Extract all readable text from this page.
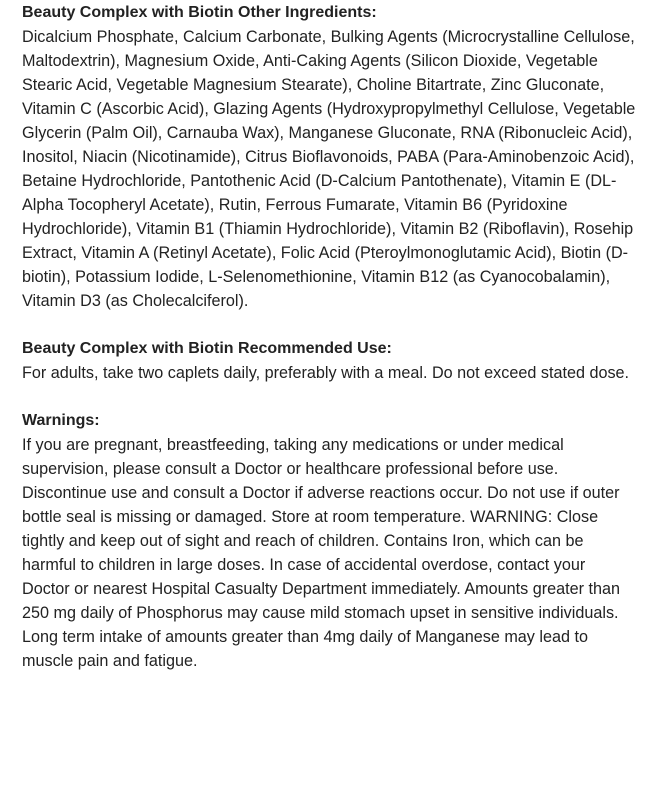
Beauty Complex with Biotin Other Ingredients:

Dicalcium Phosphate, Calcium Carbonate, Bulking Agents (Microcrystalline Cellulose, Maltodextrin), Magnesium Oxide, Anti-Caking Agents (Silicon Dioxide, Vegetable Stearic Acid, Vegetable Magnesium Stearate), Choline Bitartrate, Zinc Gluconate, Vitamin C (Ascorbic Acid), Glazing Agents (Hydroxypropylmethyl Cellulose, Vegetable Glycerin (Palm Oil), Carnauba Wax), Manganese Gluconate, RNA (Ribonucleic Acid), Inositol, Niacin (Nicotinamide), Citrus Bioflavonoids, PABA (Para-Aminobenzoic Acid), Betaine Hydrochloride, Pantothenic Acid (D-Calcium Pantothenate), Vitamin E (DL-Alpha Tocopheryl Acetate), Rutin, Ferrous Fumarate, Vitamin B6 (Pyridoxine Hydrochloride), Vitamin B1 (Thiamin Hydrochloride), Vitamin B2 (Riboflavin), Rosehip Extract, Vitamin A (Retinyl Acetate), Folic Acid (Pteroylmonoglutamic Acid), Biotin (D-biotin), Potassium Iodide, L-Selenomethionine, Vitamin B12 (as Cyanocobalamin), Vitamin D3 (as Cholecalciferol).

Beauty Complex with Biotin Recommended Use:

For adults, take two caplets daily, preferably with a meal. Do not exceed stated dose.

Warnings:

If you are pregnant, breastfeeding, taking any medications or under medical supervision, please consult a Doctor or healthcare professional before use. Discontinue use and consult a Doctor if adverse reactions occur. Do not use if outer bottle seal is missing or damaged. Store at room temperature. WARNING: Close tightly and keep out of sight and reach of children. Contains Iron, which can be harmful to children in large doses. In case of accidental overdose, contact your Doctor or nearest Hospital Casualty Department immediately. Amounts greater than 250 mg daily of Phosphorus may cause mild stomach upset in sensitive individuals. Long term intake of amounts greater than 4mg daily of Manganese may lead to muscle pain and fatigue.
